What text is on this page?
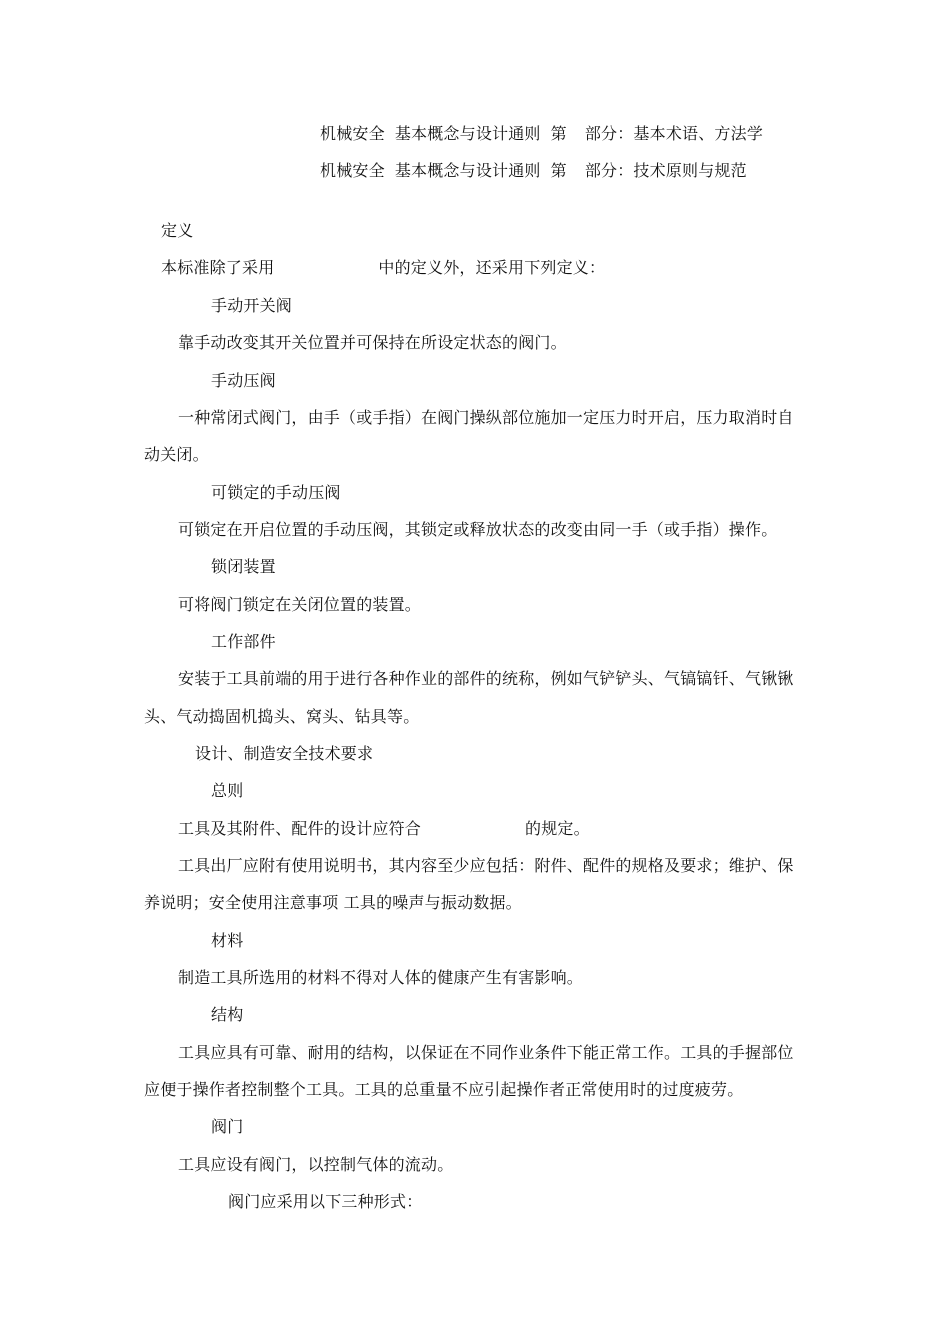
机械安全 基本概念与设计通则 第 部分：基本术语、方法学
机械安全 基本概念与设计通则 第 部分：技术原则与规范
定义
本标准除了采用	中的定义外，还采用下列定义：
手动开关阀
靠手动改变其开关位置并可保持在所设定状态的阀门。
手动压阀
一种常闭式阀门，由手（或手指）在阀门操纵部位施加一定压力时开启，压力取消时自
动关闭。
可锁定的手动压阀
可锁定在开启位置的手动压阀，其锁定或释放状态的改变由同一手（或手指）操作。
锁闭装置
可将阀门锁定在关闭位置的装置。
工作部件
安装于工具前端的用于进行各种作业的部件的统称，例如气铲铲头、气镐镐钎、气锹锹
头、气动捣固机捣头、窝头、钻具等。
设计、制造安全技术要求
总则
工具及其附件、配件的设计应符合	的规定。
工具出厂应附有使用说明书，其内容至少应包括：附件、配件的规格及要求；维护、保
养说明；安全使用注意事项 工具的噪声与振动数据。
材料
制造工具所选用的材料不得对人体的健康产生有害影响。
结构
工具应具有可靠、耐用的结构，以保证在不同作业条件下能正常工作。工具的手握部位
应便于操作者控制整个工具。工具的总重量不应引起操作者正常使用时的过度疲劳。
阀门
工具应设有阀门，以控制气体的流动。
阀门应采用以下三种形式：
